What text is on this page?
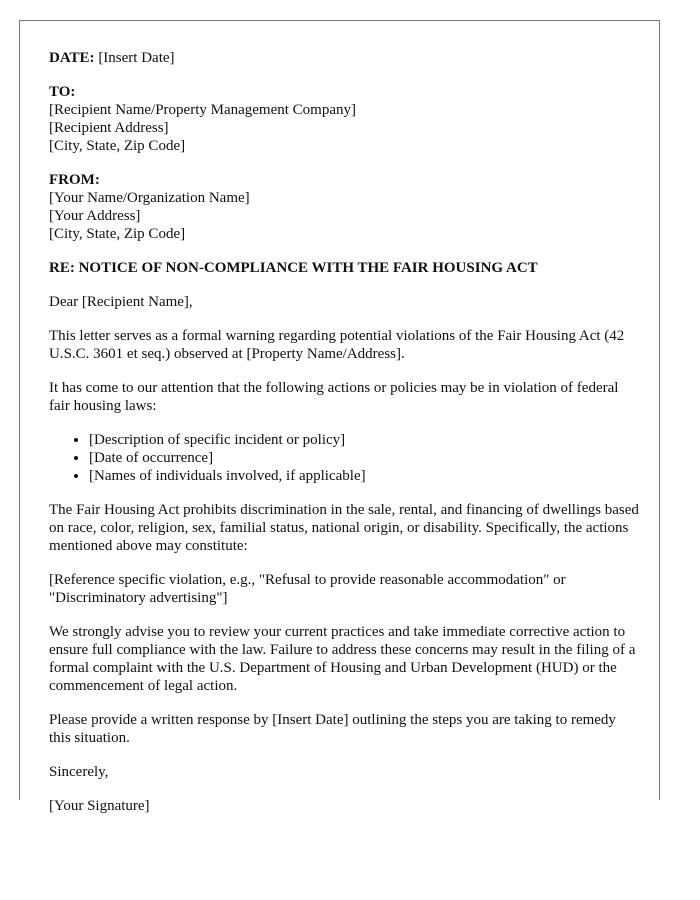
DATE: [Insert Date]
TO:
[Recipient Name/Property Management Company]
[Recipient Address]
[City, State, Zip Code]
FROM:
[Your Name/Organization Name]
[Your Address]
[City, State, Zip Code]
RE: NOTICE OF NON-COMPLIANCE WITH THE FAIR HOUSING ACT

Dear [Recipient Name],

This letter serves as a formal warning regarding potential violations of the Fair Housing Act (42 U.S.C. 3601 et seq.) observed at [Property Name/Address].

It has come to our attention that the following actions or policies may be in violation of federal fair housing laws:

• [Description of specific incident or policy]
• [Date of occurrence]
• [Names of individuals involved, if applicable]

The Fair Housing Act prohibits discrimination in the sale, rental, and financing of dwellings based on race, color, religion, sex, familial status, national origin, or disability. Specifically, the actions mentioned above may constitute:

[Reference specific violation, e.g., "Refusal to provide reasonable accommodation" or "Discriminatory advertising"]

We strongly advise you to review your current practices and take immediate corrective action to ensure full compliance with the law. Failure to address these concerns may result in the filing of a formal complaint with the U.S. Department of Housing and Urban Development (HUD) or the commencement of legal action.

Please provide a written response by [Insert Date] outlining the steps you are taking to remedy this situation.

Sincerely,

[Your Signature]
